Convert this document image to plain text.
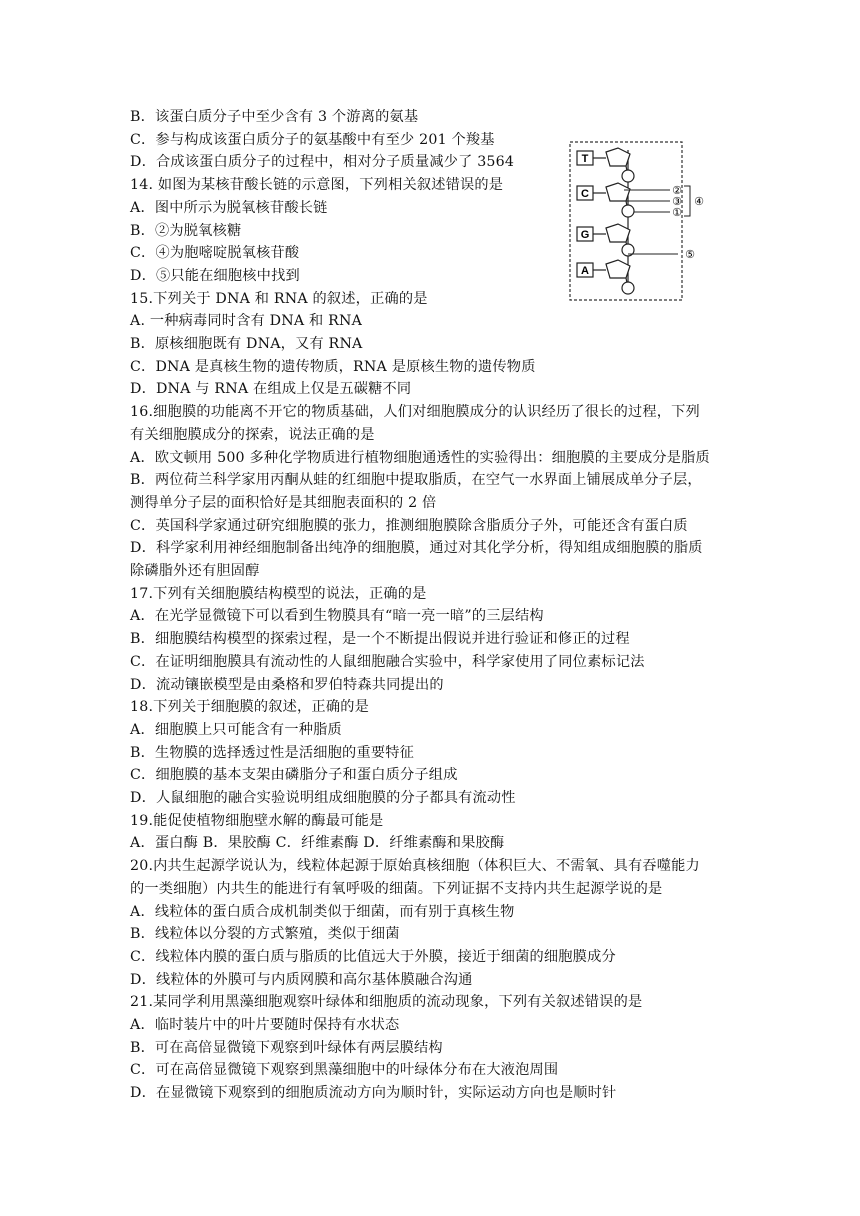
B．该蛋白质分子中至少含有 3 个游离的氨基
C．参与构成该蛋白质分子的氨基酸中有至少 201 个羧基
D．合成该蛋白质分子的过程中，相对分子质量减少了 3564
14. 如图为某核苷酸长链的示意图，下列相关叙述错误的是
A．图中所示为脱氧核苷酸长链
B．②为脱氧核糖
C．④为胞嘧啶脱氧核苷酸
D．⑤只能在细胞核中找到
15.下列关于 DNA 和 RNA 的叙述，正确的是
A. 一种病毒同时含有 DNA 和 RNA
B．原核细胞既有 DNA，又有 RNA
C．DNA 是真核生物的遗传物质，RNA 是原核生物的遗传物质
D．DNA 与 RNA 在组成上仅是五碳糖不同
16.细胞膜的功能离不开它的物质基础，人们对细胞膜成分的认识经历了很长的过程，下列
有关细胞膜成分的探索，说法正确的是
A．欧文顿用 500 多种化学物质进行植物细胞通透性的实验得出：细胞膜的主要成分是脂质
B．两位荷兰科学家用丙酮从蛙的红细胞中提取脂质，在空气一水界面上铺展成单分子层，
测得单分子层的面积恰好是其细胞表面积的 2 倍
C．英国科学家通过研究细胞膜的张力，推测细胞膜除含脂质分子外，可能还含有蛋白质
D．科学家利用神经细胞制备出纯净的细胞膜，通过对其化学分析，得知组成细胞膜的脂质
除磷脂外还有胆固醇
17.下列有关细胞膜结构模型的说法，正确的是
A．在光学显微镜下可以看到生物膜具有“暗一亮一暗”的三层结构
B．细胞膜结构模型的探索过程，是一个不断提出假说并进行验证和修正的过程
C．在证明细胞膜具有流动性的人鼠细胞融合实验中，科学家使用了同位素标记法
D．流动镶嵌模型是由桑格和罗伯特森共同提出的
18.下列关于细胞膜的叙述，正确的是
A．细胞膜上只可能含有一种脂质
B．生物膜的选择透过性是活细胞的重要特征
C．细胞膜的基本支架由磷脂分子和蛋白质分子组成
D．人鼠细胞的融合实验说明组成细胞膜的分子都具有流动性
19.能促使植物细胞壁水解的酶最可能是
A．蛋白酶 B．果胶酶 C．纤维素酶 D．纤维素酶和果胶酶
20.内共生起源学说认为，线粒体起源于原始真核细胞（体积巨大、不需氧、具有吞噬能力
的一类细胞）内共生的能进行有氧呼吸的细菌。下列证据不支持内共生起源学说的是
A．线粒体的蛋白质合成机制类似于细菌，而有别于真核生物
B．线粒体以分裂的方式繁殖，类似于细菌
C．线粒体内膜的蛋白质与脂质的比值远大于外膜，接近于细菌的细胞膜成分
D．线粒体的外膜可与内质网膜和高尔基体膜融合沟通
21.某同学利用黑藻细胞观察叶绿体和细胞质的流动现象，下列有关叙述错误的是
A．临时装片中的叶片要随时保持有水状态
B．可在高倍显微镜下观察到叶绿体有两层膜结构
C．可在高倍显微镜下观察到黑藻细胞中的叶绿体分布在大液泡周围
D．在显微镜下观察到的细胞质流动方向为顺时针，实际运动方向也是顺时针
T
C
G
A
②
③
①
④
⑤
